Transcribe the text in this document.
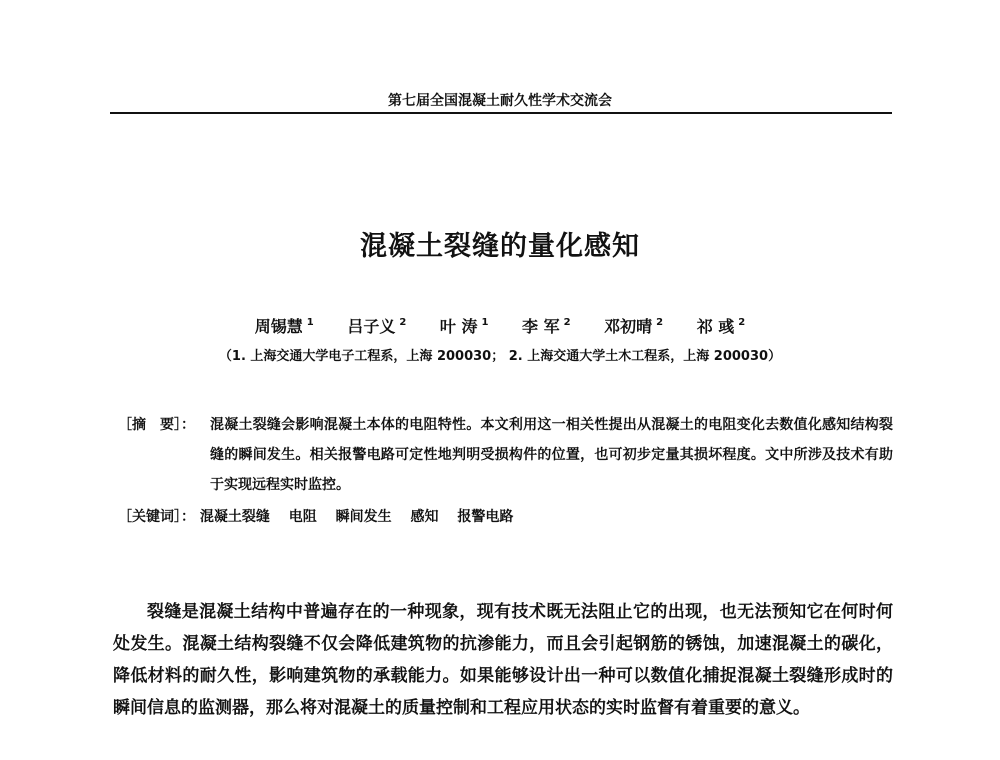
第七届全国混凝土耐久性学术交流会
混凝土裂缝的量化感知
周锡慧 $^1$ 吕子义 $^2$ 叶 涛 $^1$ 李 军 $^2$ 邓初晴 $^2$ 祁 彧 $^2$
（1. 上海交通大学电子工程系，上海 200030； 2. 上海交通大学土木工程系，上海 200030）
［摘　要］：	混凝土裂缝会影响混凝土本体的电阻特性。本文利用这一相关性提出从混凝土的电阻变化去数值化感知结构裂缝的瞬间发生。相关报警电路可定性地判明受损构件的位置，也可初步定量其损坏程度。文中所涉及技术有助于实现远程实时监控。
［关键词］： 混凝土裂缝 电阻 瞬间发生 感知 报警电路
裂缝是混凝土结构中普遍存在的一种现象，现有技术既无法阻止它的出现，也无法预知它在何时何处发生。混凝土结构裂缝不仅会降低建筑物的抗渗能力，而且会引起钢筋的锈蚀，加速混凝土的碳化，降低材料的耐久性，影响建筑物的承载能力。如果能够设计出一种可以数值化捕捉混凝土裂缝形成时的瞬间信息的监测器，那么将对混凝土的质量控制和工程应用状态的实时监督有着重要的意义。
